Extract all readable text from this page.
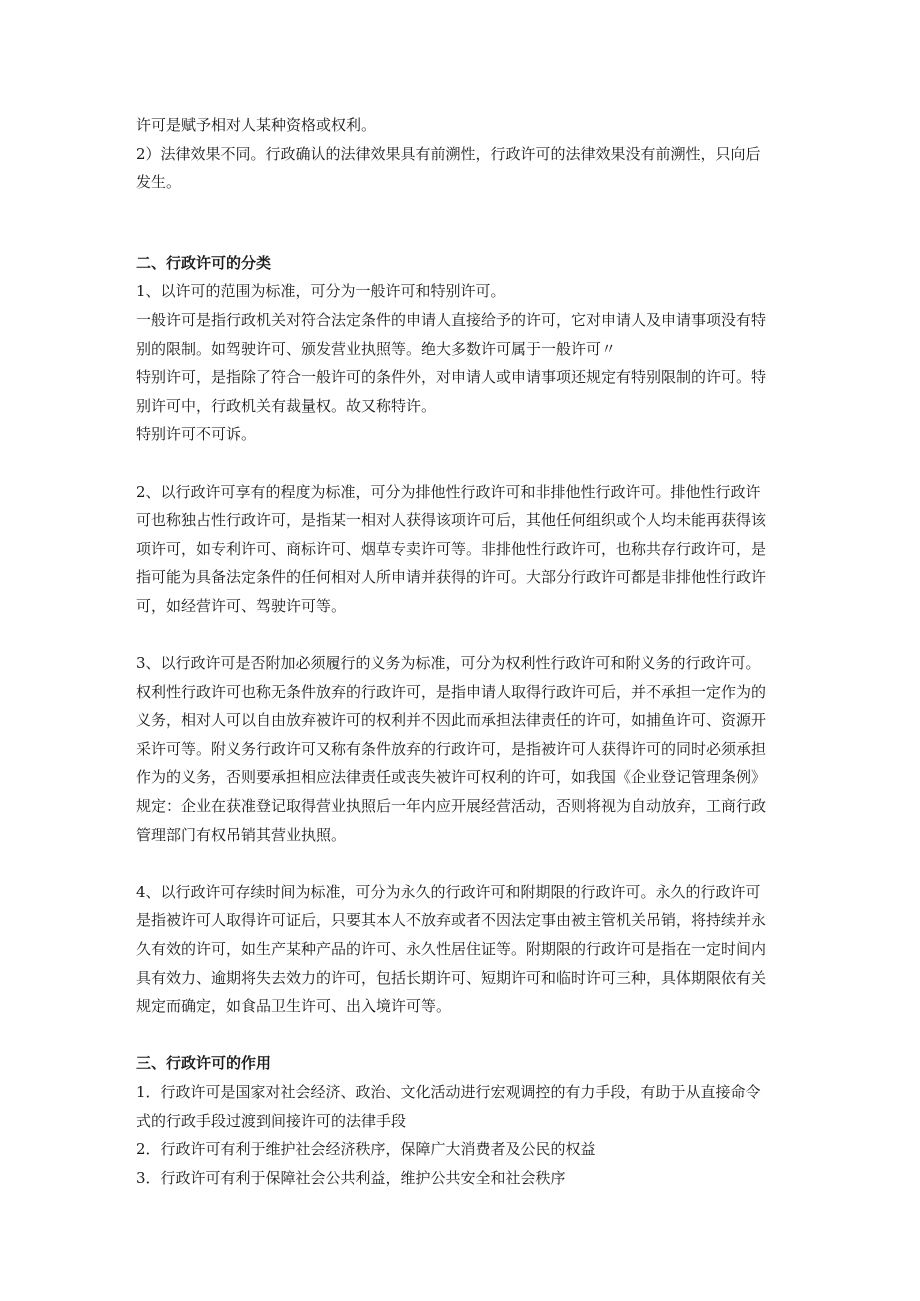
许可是赋予相对人某种资格或权利。
2）法律效果不同。行政确认的法律效果具有前溯性，行政许可的法律效果没有前溯性，只向后
发生。
二、行政许可的分类
1、以许可的范围为标准，可分为一般许可和特别许可。
一般许可是指行政机关对符合法定条件的申请人直接给予的许可，它对申请人及申请事项没有特
别的限制。如驾驶许可、颁发营业执照等。绝大多数许可属于一般许可〃
特别许可，是指除了符合一般许可的条件外，对申请人或申请事项还规定有特别限制的许可。特
别许可中，行政机关有裁量权。故又称特许。
特别许可不可诉。
2、以行政许可享有的程度为标准，可分为排他性行政许可和非排他性行政许可。排他性行政许
可也称独占性行政许可，是指某一相对人获得该项许可后，其他任何组织或个人均未能再获得该
项许可，如专利许可、商标许可、烟草专卖许可等。非排他性行政许可，也称共存行政许可，是
指可能为具备法定条件的任何相对人所申请并获得的许可。大部分行政许可都是非排他性行政许
可，如经营许可、驾驶许可等。
3、以行政许可是否附加必须履行的义务为标准，可分为权利性行政许可和附义务的行政许可。
权利性行政许可也称无条件放弃的行政许可，是指申请人取得行政许可后，并不承担一定作为的
义务，相对人可以自由放弃被许可的权利并不因此而承担法律责任的许可，如捕鱼许可、资源开
采许可等。附义务行政许可又称有条件放弃的行政许可，是指被许可人获得许可的同时必须承担
作为的义务，否则要承担相应法律责任或丧失被许可权利的许可，如我国《企业登记管理条例》
规定：企业在获准登记取得营业执照后一年内应开展经营活动，否则将视为自动放弃，工商行政
管理部门有权吊销其营业执照。
4、以行政许可存续时间为标准，可分为永久的行政许可和附期限的行政许可。永久的行政许可
是指被许可人取得许可证后，只要其本人不放弃或者不因法定事由被主管机关吊销，将持续并永
久有效的许可，如生产某种产品的许可、永久性居住证等。附期限的行政许可是指在一定时间内
具有效力、逾期将失去效力的许可，包括长期许可、短期许可和临时许可三种，具体期限依有关
规定而确定，如食品卫生许可、出入境许可等。
三、行政许可的作用
1．行政许可是国家对社会经济、政治、文化活动进行宏观调控的有力手段，有助于从直接命令
式的行政手段过渡到间接许可的法律手段
2．行政许可有利于维护社会经济秩序，保障广大消费者及公民的权益
3．行政许可有利于保障社会公共利益，维护公共安全和社会秩序
